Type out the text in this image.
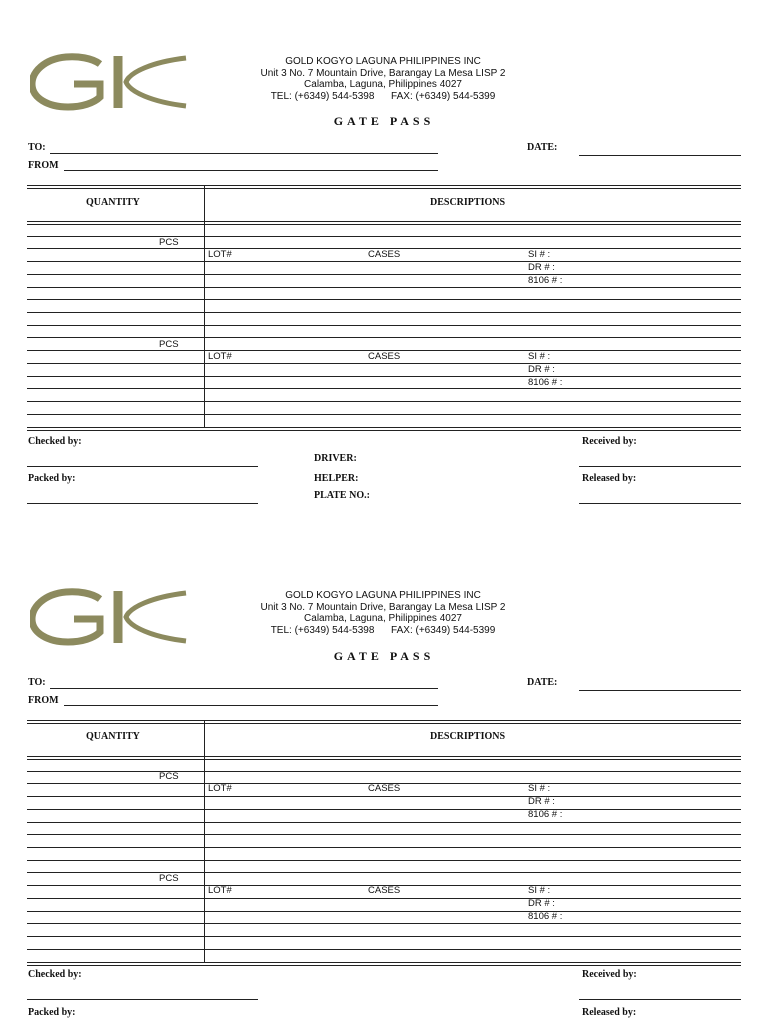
GOLD KOGYO LAGUNA PHILIPPINES INC
Unit 3 No. 7 Mountain Drive, Barangay La Mesa LISP 2
Calamba, Laguna, Philippines 4027
TEL: (+6349) 544-5398      FAX: (+6349) 544-5399
GATE PASS
TO:
FROM
DATE:
QUANTITY	DESCRIPTIONS
PCS
LOT#	CASES	SI # :
DR # :
8106 # :
PCS
LOT#	CASES	SI # :
DR # :
8106 # :
Checked by:	Received by:
DRIVER:
Packed by:	HELPER:	Released by:
PLATE NO.:
GOLD KOGYO LAGUNA PHILIPPINES INC
Unit 3 No. 7 Mountain Drive, Barangay La Mesa LISP 2
Calamba, Laguna, Philippines 4027
TEL: (+6349) 544-5398      FAX: (+6349) 544-5399
GATE PASS
TO:
FROM
DATE:
QUANTITY	DESCRIPTIONS
PCS
LOT#	CASES	SI # :
DR # :
8106 # :
PCS
LOT#	CASES	SI # :
DR # :
8106 # :
Checked by:	Received by:
Packed by:	Released by:
